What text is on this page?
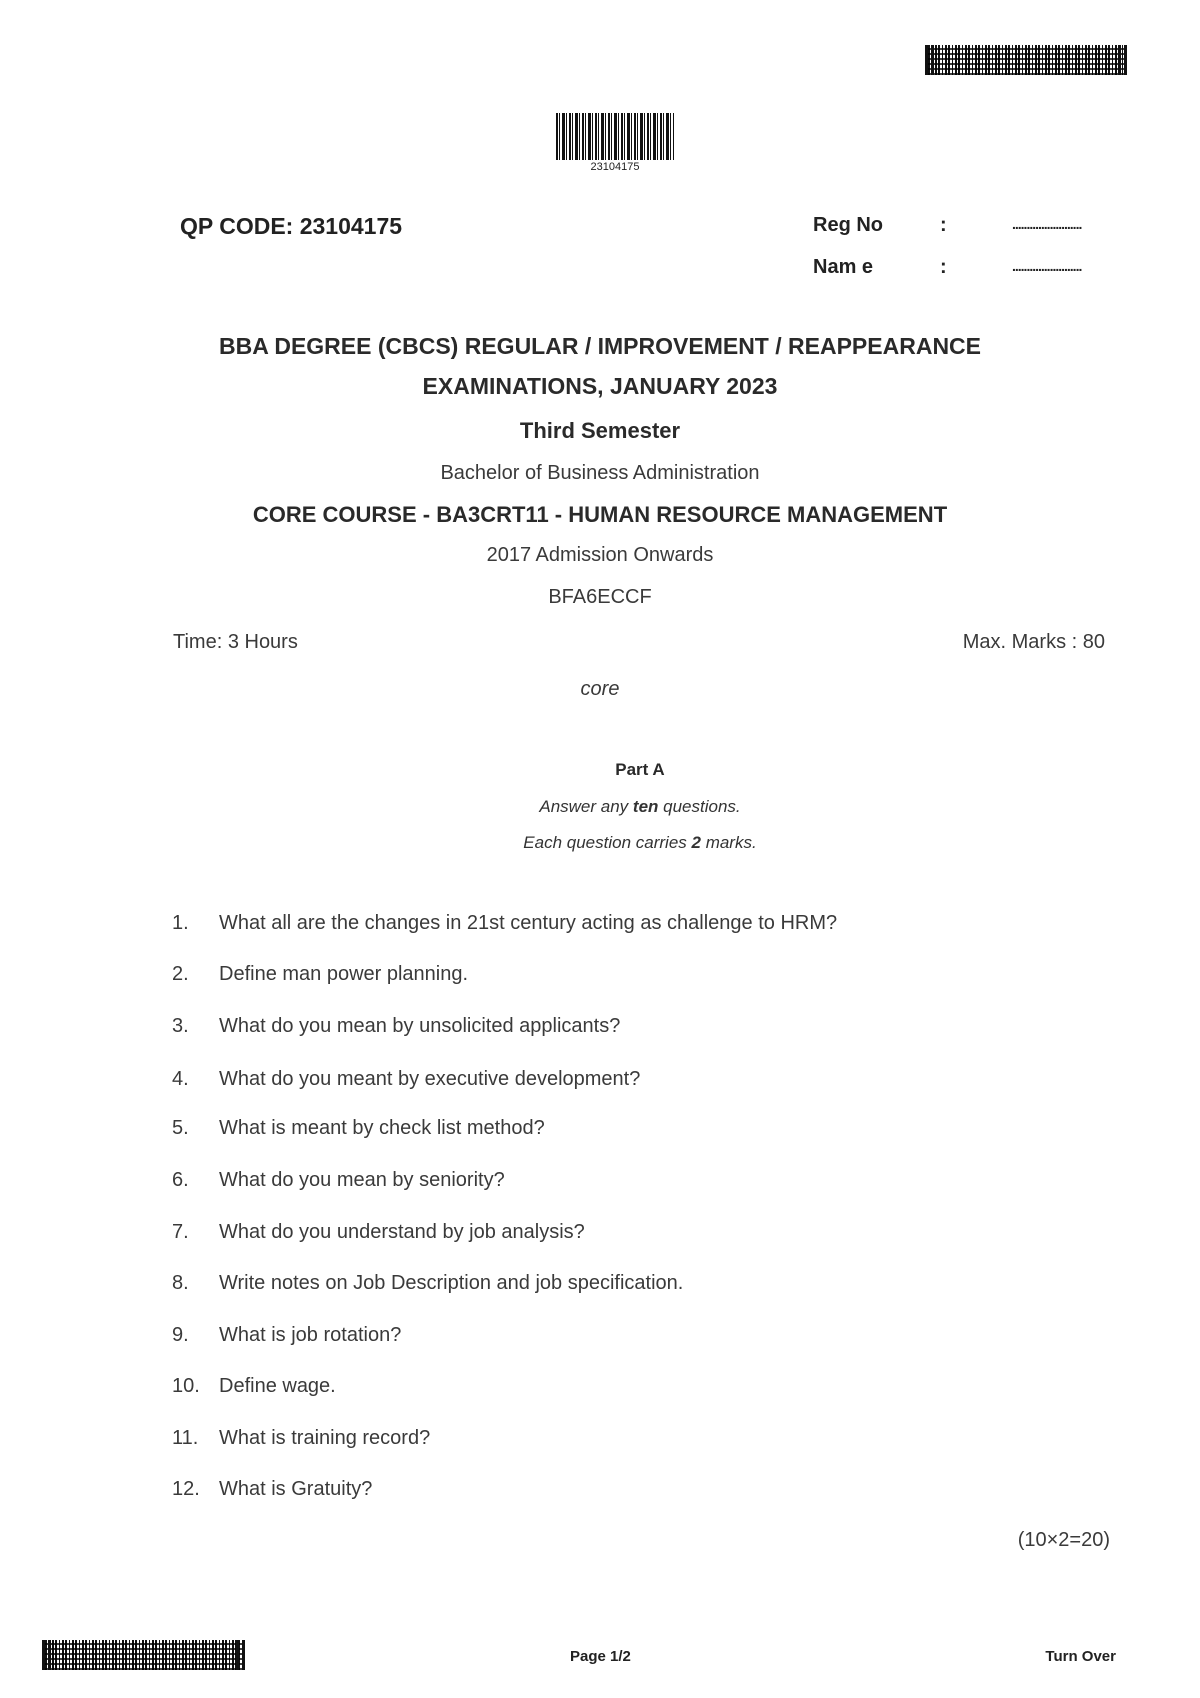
23104175
QP CODE: 23104175	Reg No	:	........................
Nam e	:	........................
BBA DEGREE (CBCS) REGULAR / IMPROVEMENT / REAPPEARANCE
EXAMINATIONS, JANUARY 2023
Third Semester
Bachelor of Business Administration
CORE COURSE - BA3CRT11 - HUMAN RESOURCE MANAGEMENT
2017 Admission Onwards
BFA6ECCF
Time: 3 Hours	Max. Marks : 80
core
Part A
Answer any ten questions.
Each question carries 2 marks.
1. What all are the changes in 21st century acting as challenge to HRM?
2. Define man power planning.
3. What do you mean by unsolicited applicants?
4. What do you meant by executive development?
5. What is meant by check list method?
6. What do you mean by seniority?
7. What do you understand by job analysis?
8. Write notes on Job Description and job specification.
9. What is job rotation?
10. Define wage.
11. What is training record?
12. What is Gratuity?
(10×2=20)
Page 1/2	Turn Over
